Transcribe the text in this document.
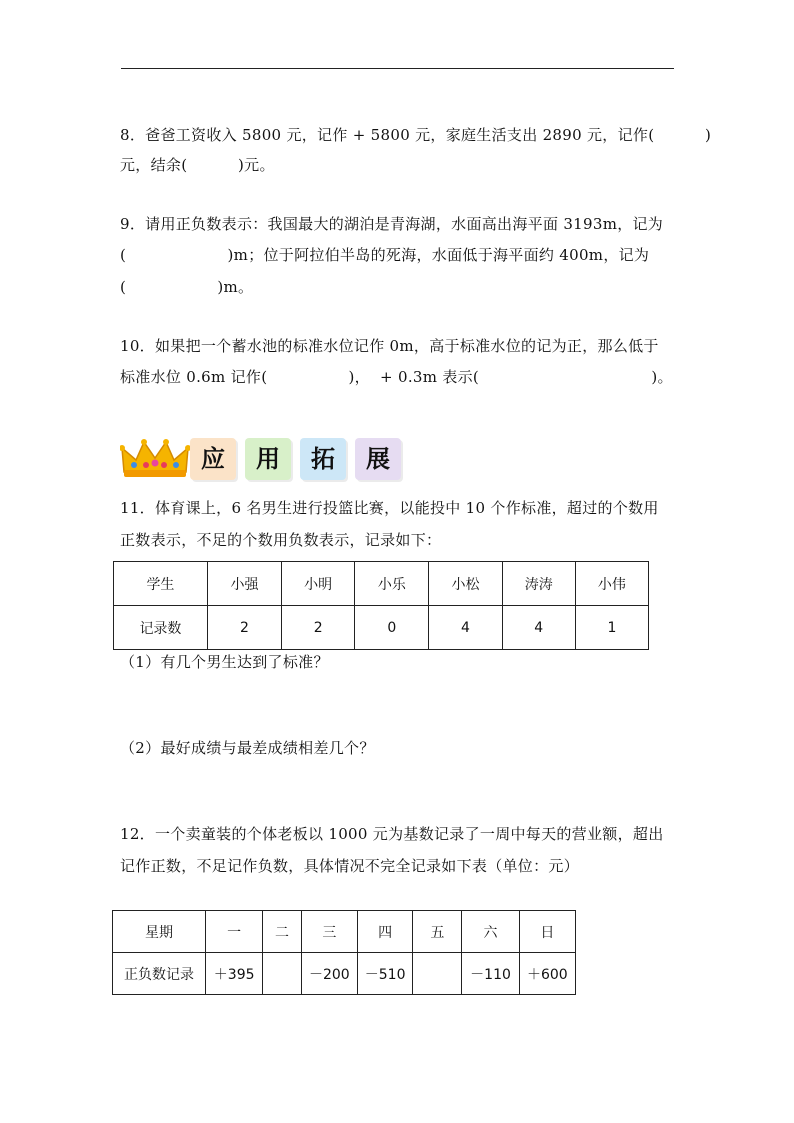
8．爸爸工资收入 5800 元，记作 + 5800 元，家庭生活支出 2890 元，记作(          )
元，结余(          )元。
9．请用正负数表示：我国最大的湖泊是青海湖，水面高出海平面 3193m，记为
(                    )m；位于阿拉伯半岛的死海，水面低于海平面约 400m，记为
(                  )m。
10．如果把一个蓄水池的标准水位记作 0m，高于标准水位的记为正，那么低于
标准水位 0.6m 记作(                )，  + 0.3m 表示(                                  )。
应	用	拓	展
11．体育课上，6 名男生进行投篮比赛，以能投中 10 个作标准，超过的个数用
正数表示，不足的个数用负数表示，记录如下：
学生	小强	小明	小乐	小松	涛涛	小伟
记录数	2	2	0	4	4	1
（1）有几个男生达到了标准？
（2）最好成绩与最差成绩相差几个？
12．一个卖童装的个体老板以 1000 元为基数记录了一周中每天的营业额，超出
记作正数，不足记作负数，具体情况不完全记录如下表（单位：元）
星期	一	二	三	四	五	六	日
正负数记录	＋395		－200	－510		－110	＋600
